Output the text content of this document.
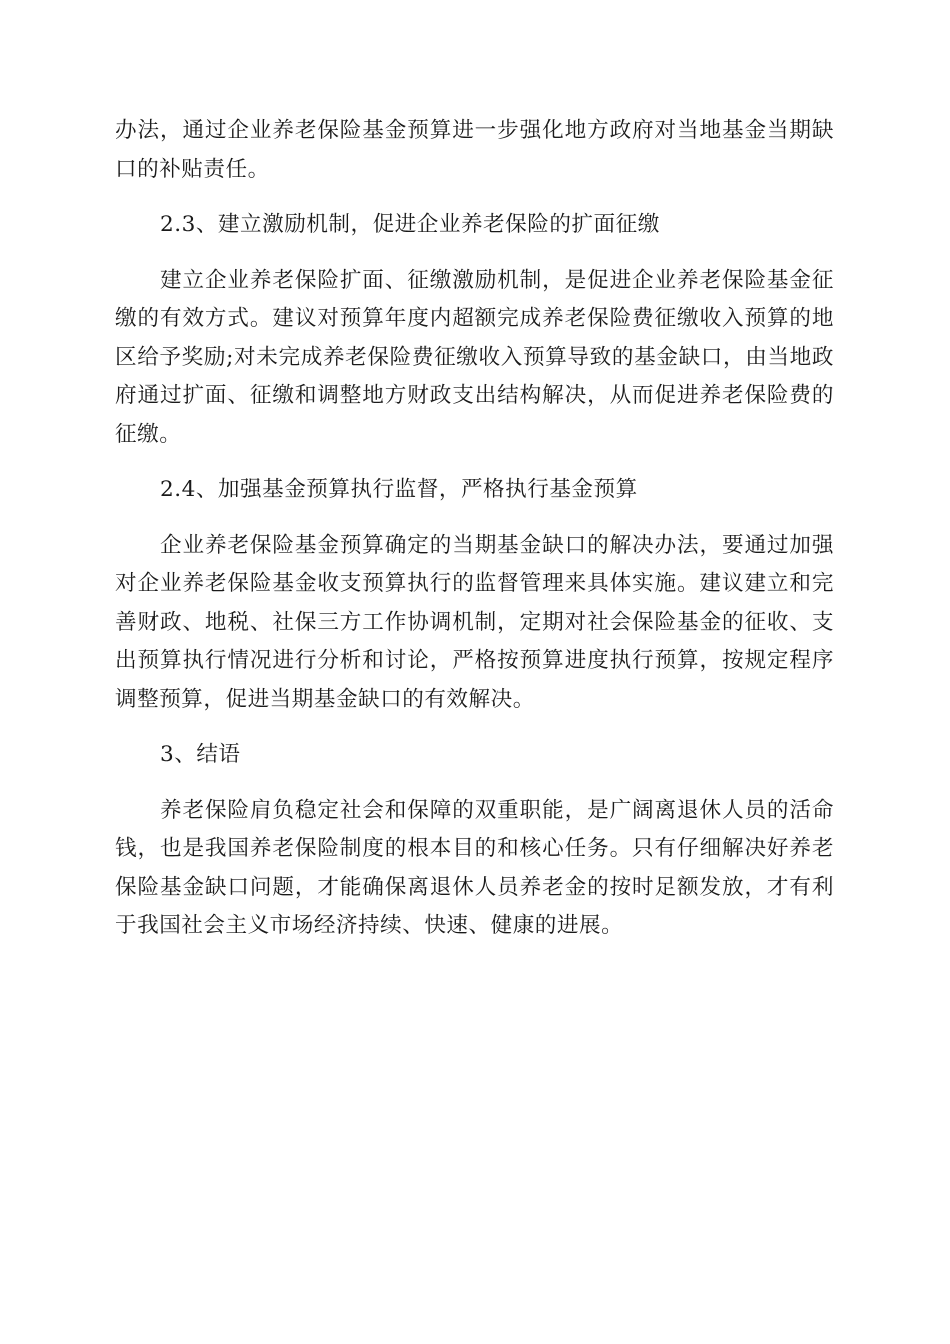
办法，通过企业养老保险基金预算进一步强化地方政府对当地基金当期缺口的补贴责任。

2.3、建立激励机制，促进企业养老保险的扩面征缴

建立企业养老保险扩面、征缴激励机制，是促进企业养老保险基金征缴的有效方式。建议对预算年度内超额完成养老保险费征缴收入预算的地区给予奖励;对未完成养老保险费征缴收入预算导致的基金缺口，由当地政府通过扩面、征缴和调整地方财政支出结构解决，从而促进养老保险费的征缴。

2.4、加强基金预算执行监督，严格执行基金预算

企业养老保险基金预算确定的当期基金缺口的解决办法，要通过加强对企业养老保险基金收支预算执行的监督管理来具体实施。建议建立和完善财政、地税、社保三方工作协调机制，定期对社会保险基金的征收、支出预算执行情况进行分析和讨论，严格按预算进度执行预算，按规定程序调整预算，促进当期基金缺口的有效解决。

3、结语

养老保险肩负稳定社会和保障的双重职能，是广阔离退休人员的活命钱，也是我国养老保险制度的根本目的和核心任务。只有仔细解决好养老保险基金缺口问题，才能确保离退休人员养老金的按时足额发放，才有利于我国社会主义市场经济持续、快速、健康的进展。
